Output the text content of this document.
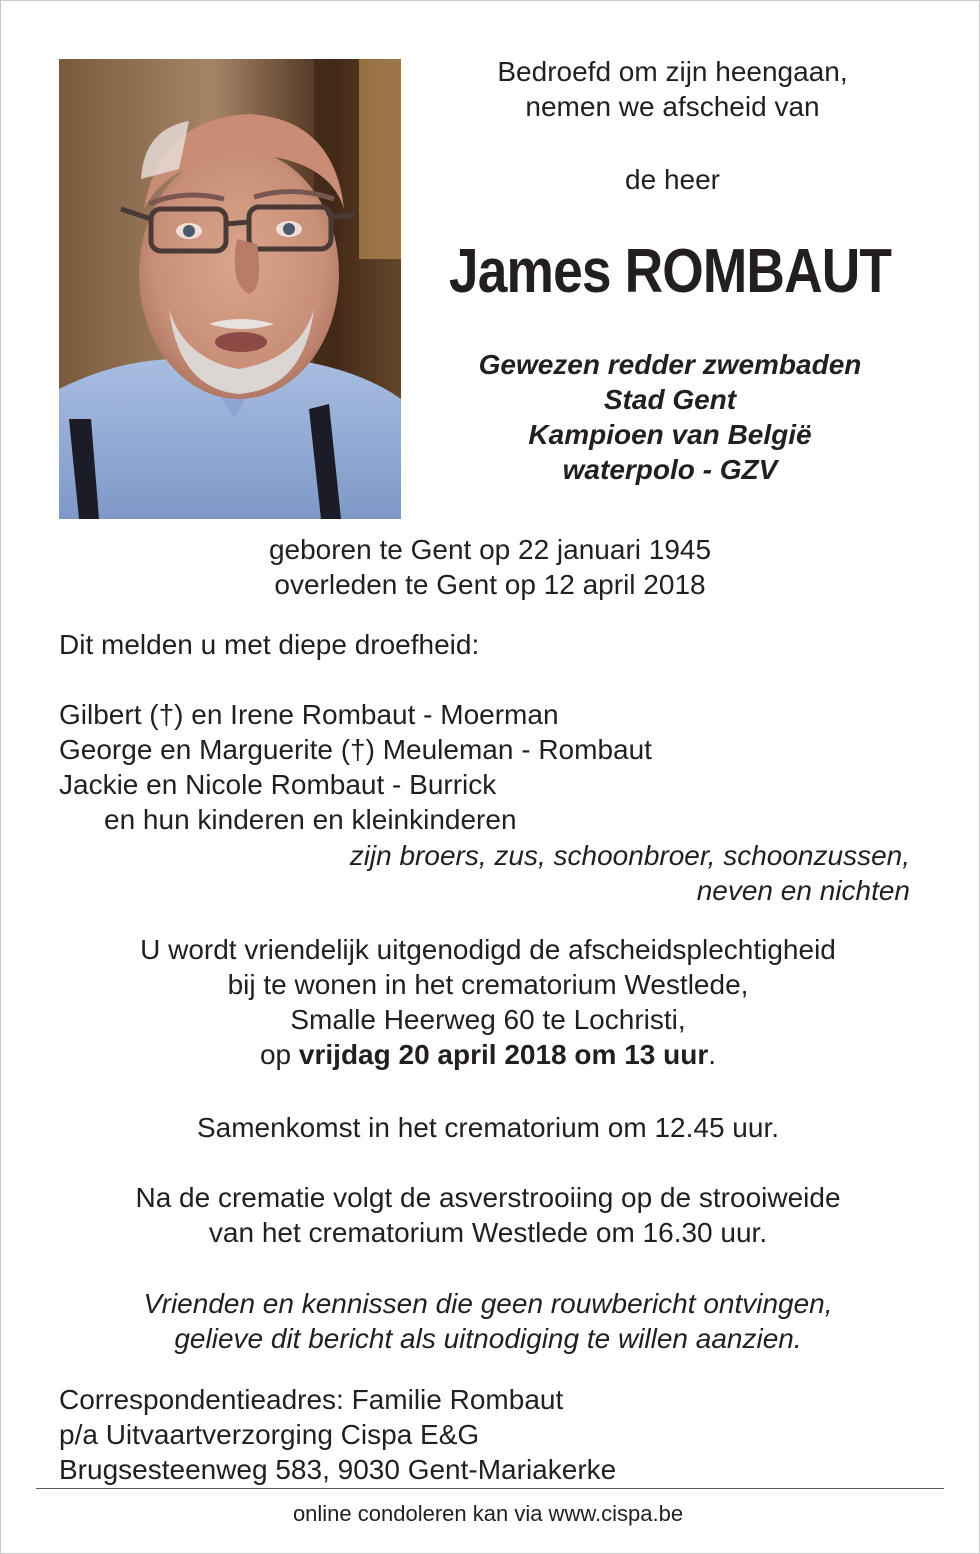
Bedroefd om zijn heengaan,
nemen we afscheid van
de heer
James ROMBAUT
Gewezen redder zwembaden
Stad Gent
Kampioen van België
waterpolo - GZV
geboren te Gent op 22 januari 1945
overleden te Gent op 12 april 2018
Dit melden u met diepe droefheid:
Gilbert (†) en Irene Rombaut - Moerman
George en Marguerite (†) Meuleman - Rombaut
Jackie en Nicole Rombaut - Burrick
en hun kinderen en kleinkinderen
zijn broers, zus, schoonbroer, schoonzussen,
neven en nichten
U wordt vriendelijk uitgenodigd de afscheidsplechtigheid
bij te wonen in het crematorium Westlede,
Smalle Heerweg 60 te Lochristi,
op vrijdag 20 april 2018 om 13 uur.
Samenkomst in het crematorium om 12.45 uur.
Na de crematie volgt de asverstrooiing op de strooiweide
van het crematorium Westlede om 16.30 uur.
Vrienden en kennissen die geen rouwbericht ontvingen,
gelieve dit bericht als uitnodiging te willen aanzien.
Correspondentieadres: Familie Rombaut
p/a Uitvaartverzorging Cispa E&G
Brugsesteenweg 583, 9030 Gent-Mariakerke
online condoleren kan via www.cispa.be
